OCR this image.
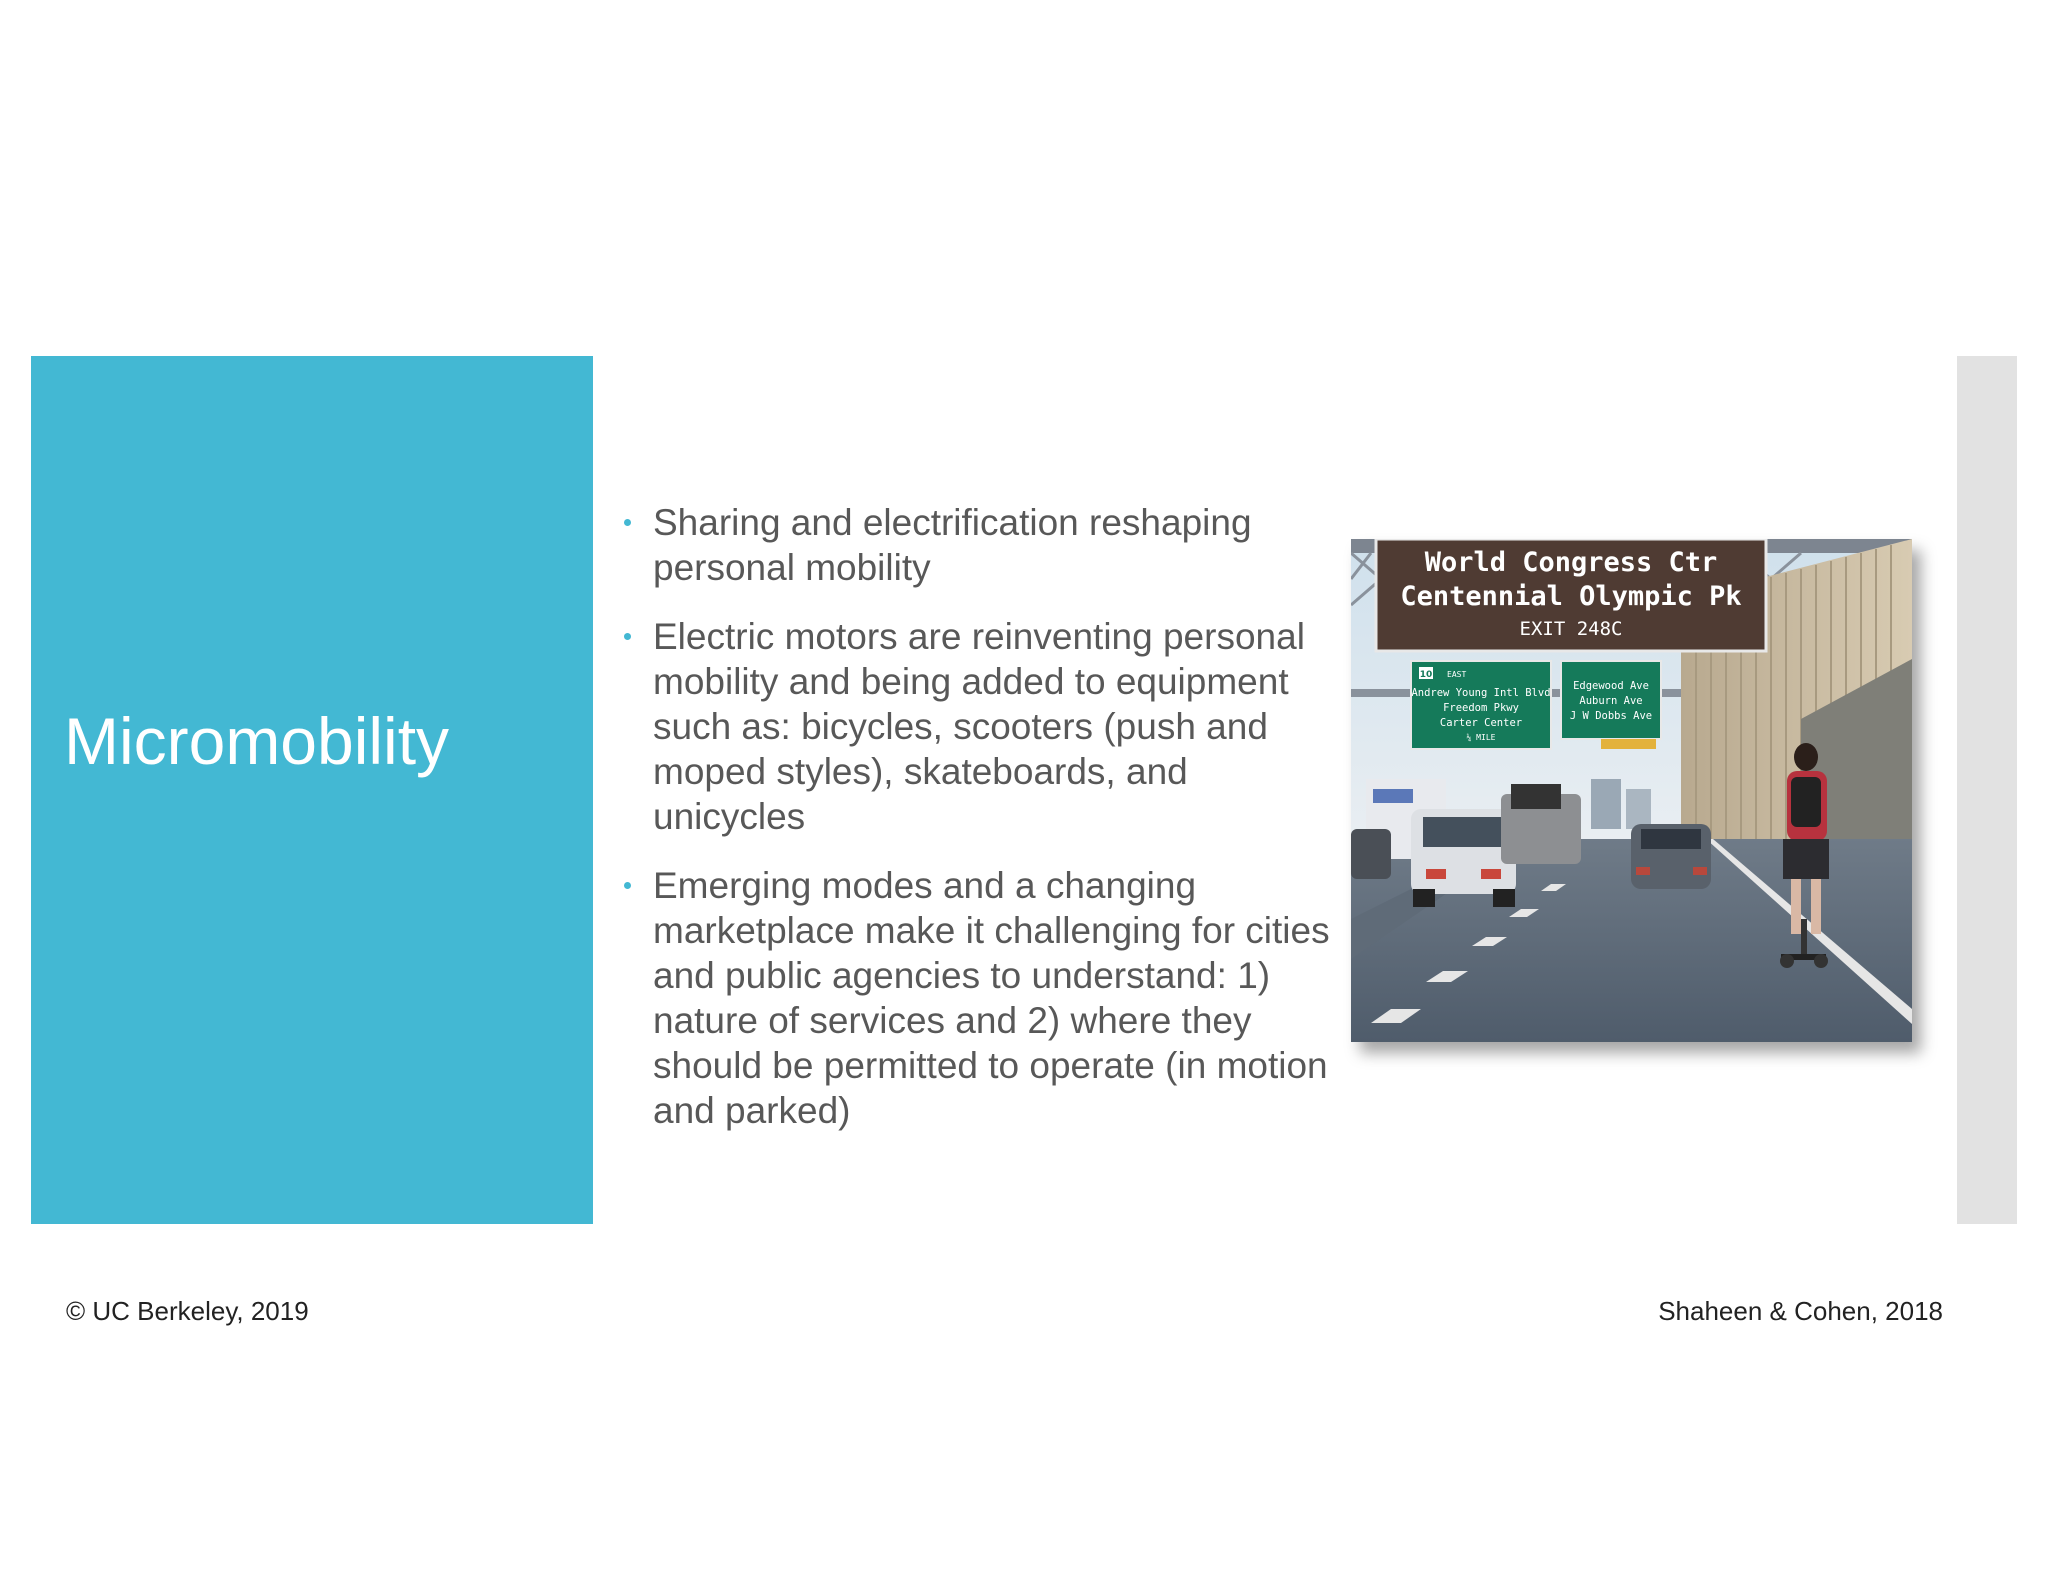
Micromobility
Sharing and electrification reshaping personal mobility
Electric motors are reinventing personal mobility and being added to equipment such as: bicycles, scooters (push and moped styles), skateboards, and unicycles
Emerging modes and a changing marketplace make it challenging for cities and public agencies to understand: 1) nature of services and 2) where they should be permitted to operate (in motion and parked)
World Congress Ctr
Centennial Olympic Pk
EXIT 248C
10 EAST
Andrew Young Intl Blvd
Freedom Pkwy
Carter Center
¼ MILE
Edgewood Ave
Auburn Ave
J W Dobbs Ave
© UC Berkeley, 2019	Shaheen & Cohen, 2018
